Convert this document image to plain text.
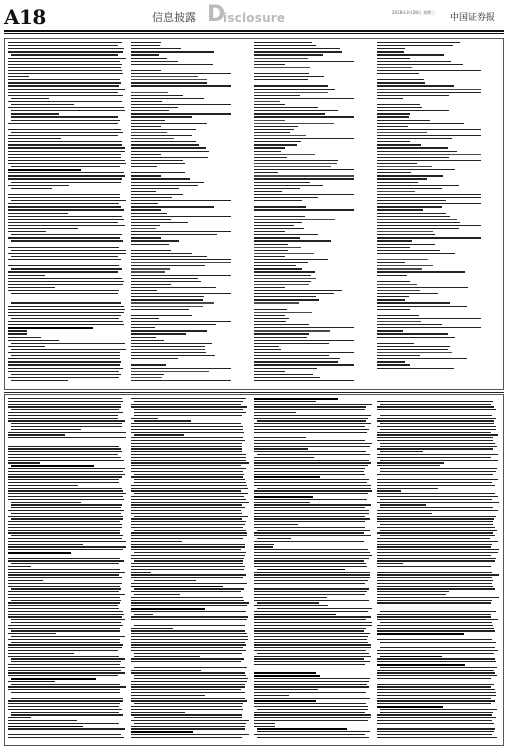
A18	信息披露 D
isclosure	2018年3月28日 星期三
中国证券报
